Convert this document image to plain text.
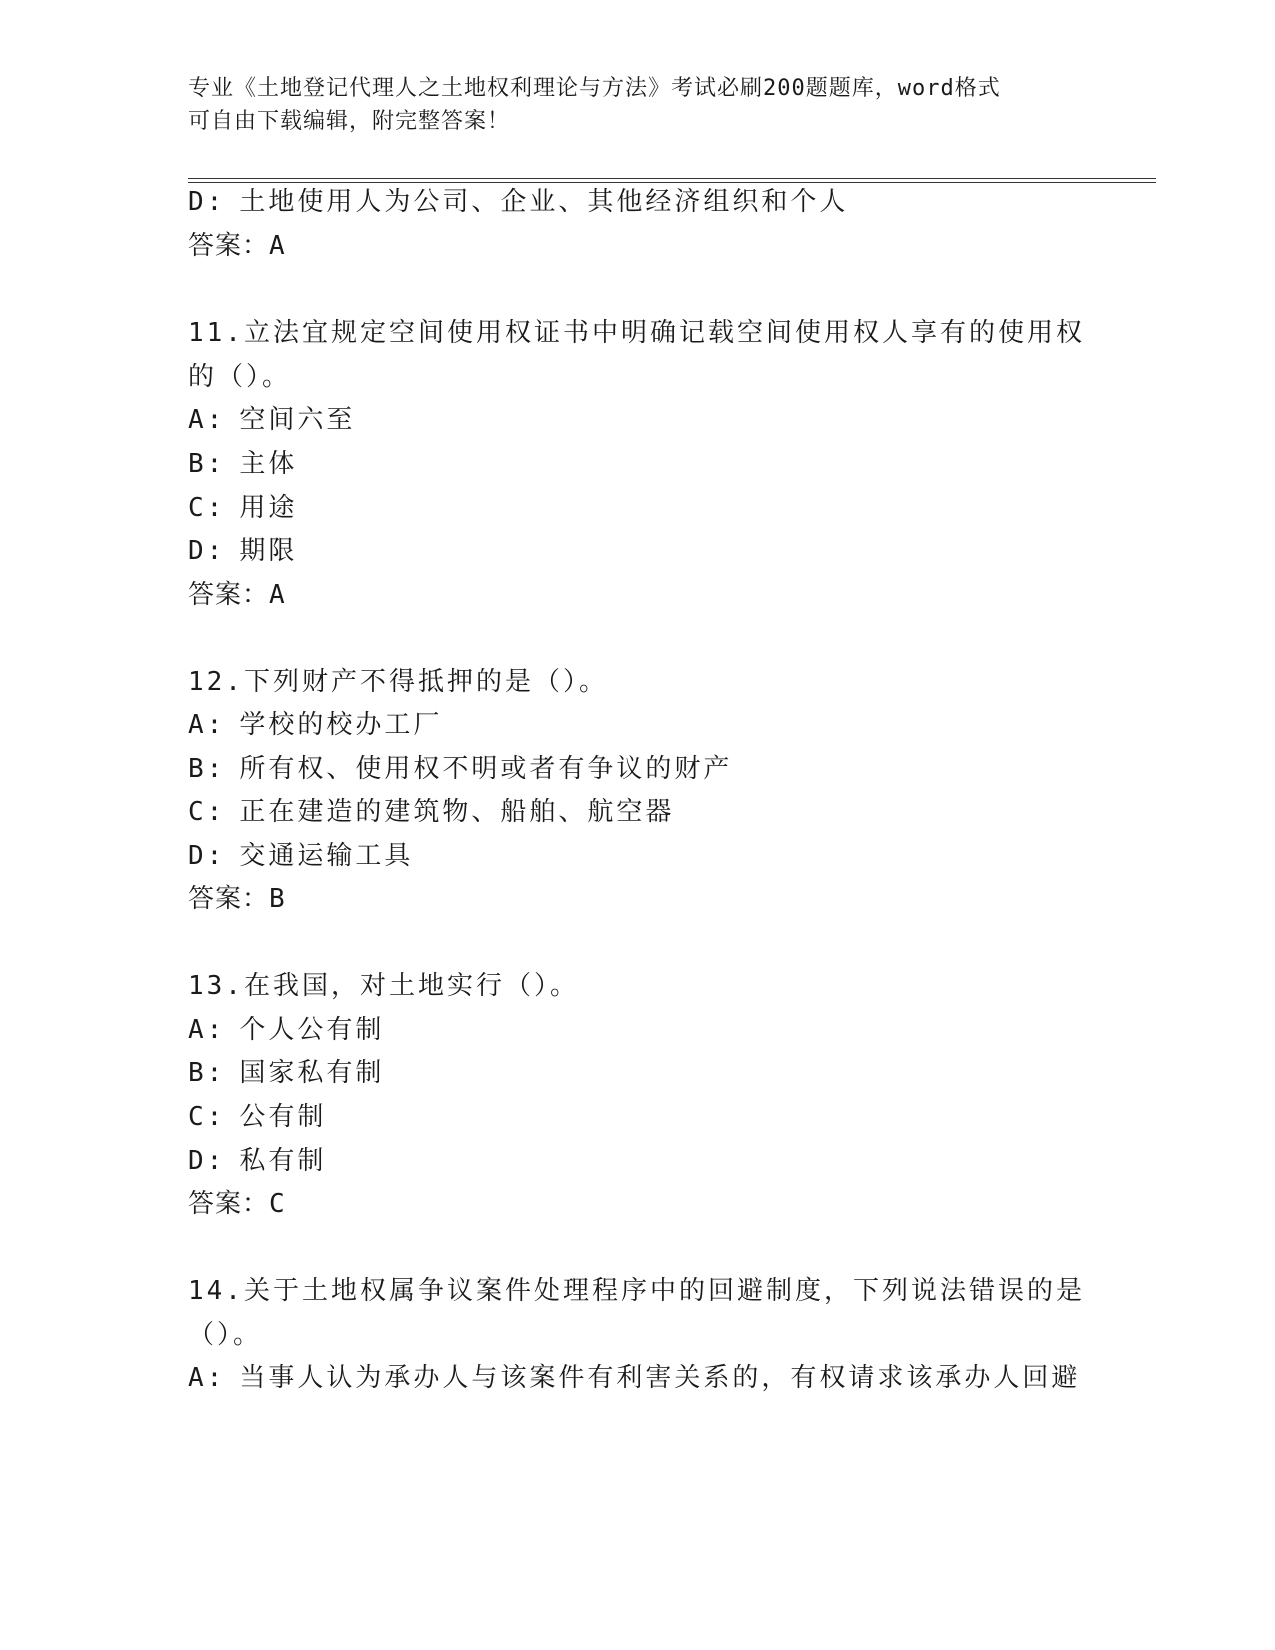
专业《土地登记代理人之土地权利理论与方法》考试必刷200题题库，word格式
可自由下载编辑，附完整答案！
D: 土地使用人为公司、企业、其他经济组织和个人
答案：A
11.立法宜规定空间使用权证书中明确记载空间使用权人享有的使用权
的（）。
A: 空间六至
B: 主体
C: 用途
D: 期限
答案：A
12.下列财产不得抵押的是（）。
A: 学校的校办工厂
B: 所有权、使用权不明或者有争议的财产
C: 正在建造的建筑物、船舶、航空器
D: 交通运输工具
答案：B
13.在我国，对土地实行（）。
A: 个人公有制
B: 国家私有制
C: 公有制
D: 私有制
答案：C
14.关于土地权属争议案件处理程序中的回避制度，下列说法错误的是
（）。
A: 当事人认为承办人与该案件有利害关系的，有权请求该承办人回避
